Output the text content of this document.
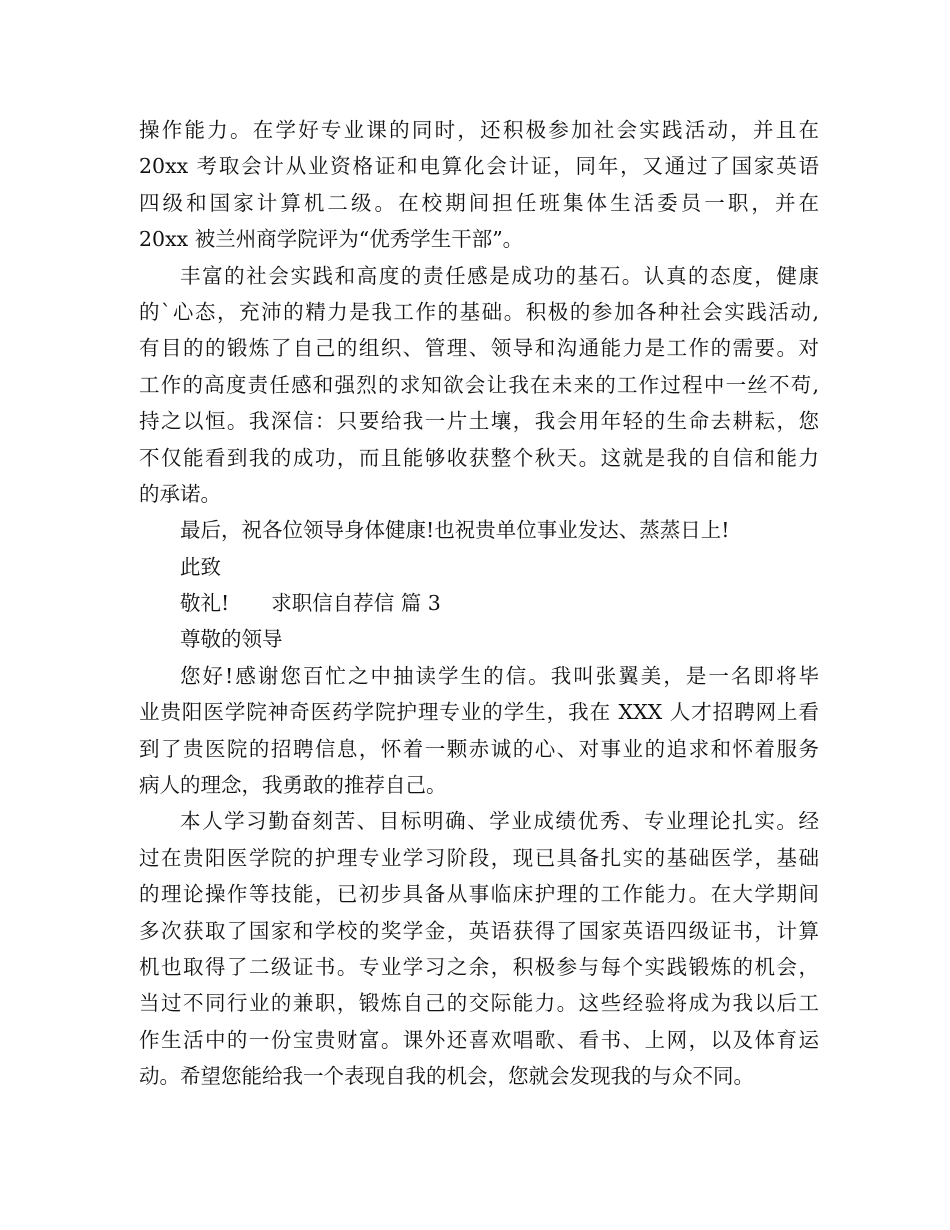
操作能力。在学好专业课的同时，还积极参加社会实践活动，并且在
20xx 考取会计从业资格证和电算化会计证，同年，又通过了国家英语
四级和国家计算机二级。在校期间担任班集体生活委员一职，并在
20xx 被兰州商学院评为“优秀学生干部”。
丰富的社会实践和高度的责任感是成功的基石。认真的态度，健康
的`心态，充沛的精力是我工作的基础。积极的参加各种社会实践活动,
有目的的锻炼了自己的组织、管理、领导和沟通能力是工作的需要。对
工作的高度责任感和强烈的求知欲会让我在未来的工作过程中一丝不苟,
持之以恒。我深信：只要给我一片土壤，我会用年轻的生命去耕耘，您
不仅能看到我的成功，而且能够收获整个秋天。这就是我的自信和能力
的承诺。
最后，祝各位领导身体健康!也祝贵单位事业发达、蒸蒸日上!
此致
敬礼! 求职信自荐信 篇 3
尊敬的领导
您好!感谢您百忙之中抽读学生的信。我叫张翼美，是一名即将毕
业贵阳医学院神奇医药学院护理专业的学生，我在 XXX 人才招聘网上看
到了贵医院的招聘信息，怀着一颗赤诚的心、对事业的追求和怀着服务
病人的理念，我勇敢的推荐自己。
本人学习勤奋刻苦、目标明确、学业成绩优秀、专业理论扎实。经
过在贵阳医学院的护理专业学习阶段，现已具备扎实的基础医学，基础
的理论操作等技能，已初步具备从事临床护理的工作能力。在大学期间
多次获取了国家和学校的奖学金，英语获得了国家英语四级证书，计算
机也取得了二级证书。专业学习之余，积极参与每个实践锻炼的机会，
当过不同行业的兼职，锻炼自己的交际能力。这些经验将成为我以后工
作生活中的一份宝贵财富。课外还喜欢唱歌、看书、上网，以及体育运
动。希望您能给我一个表现自我的机会，您就会发现我的与众不同。
